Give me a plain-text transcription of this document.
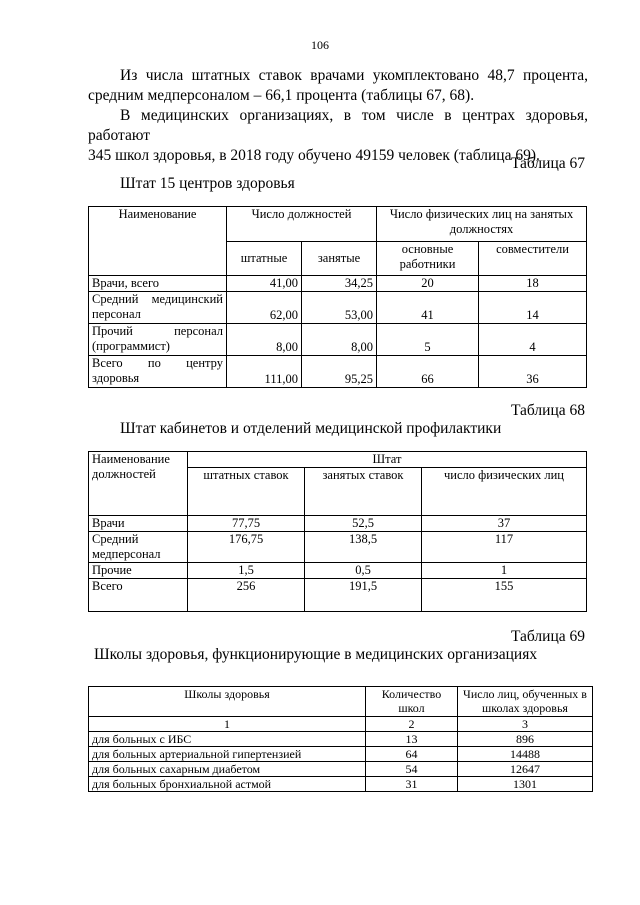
106
Из числа штатных ставок врачами укомплектовано 48,7 процента,
средним медперсоналом – 66,1 процента (таблицы 67, 68).
В медицинских организациях, в том числе в центрах здоровья, работают
345 школ здоровья, в 2018 году обучено 49159 человек (таблица 69).
Таблица 67
Штат 15 центров здоровья
Наименование	Число должностей		Число физических лиц на занятых должностях	
	штатные	занятые	основные работники	совместители
Врачи, всего	41,00	34,25	20	18

Средний медицинский
персонал	62,00	53,00	41	14

Прочий персонал
(программист)	8,00	8,00	5	4

Всего по центру
здоровья	111,00	95,25	66	36
Таблица 68
Штат кабинетов и отделений медицинской профилактики
Наименование должностей	Штат		
	штатных ставок	занятых ставок	число физических лиц
Врачи	77,75	52,5	37
Средний медперсонал	176,75	138,5	117
Прочие	1,5	0,5	1
Всего	256	191,5	155
Таблица 69
Школы здоровья, функционирующие в медицинских организациях
Школы здоровья	Количество школ	Число лиц, обученных в школах здоровья
1	2	3
для больных с ИБС	13	896
для больных артериальной гипертензией	64	14488
для больных сахарным диабетом	54	12647
для больных бронхиальной астмой	31	1301
